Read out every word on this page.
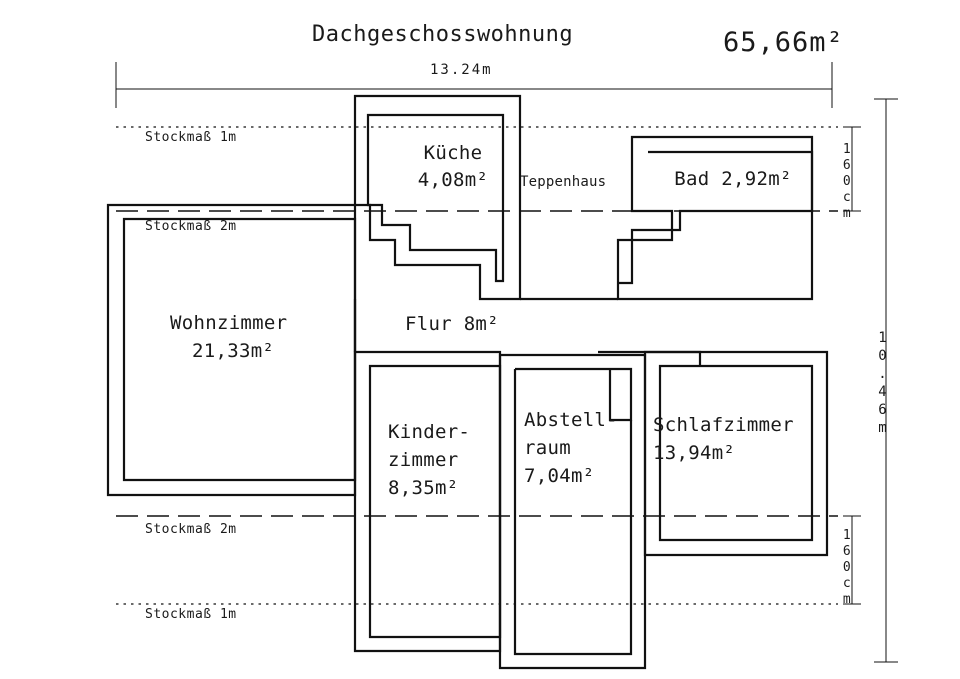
Dachgeschosswohnung	65,66m²
13.24m
10.46m
160cm
160cm
Stockmaß 1m
Stockmaß 2m
Stockmaß 2m
Stockmaß 1m
Küche
4,08m²	Bad 2,92m²
Teppenhaus
Wohnzimmer
21,33m²
Flur 8m²
Kinder-
zimmer
8,35m²
Abstell-
raum
7,04m²
Schlafzimmer
13,94m²
